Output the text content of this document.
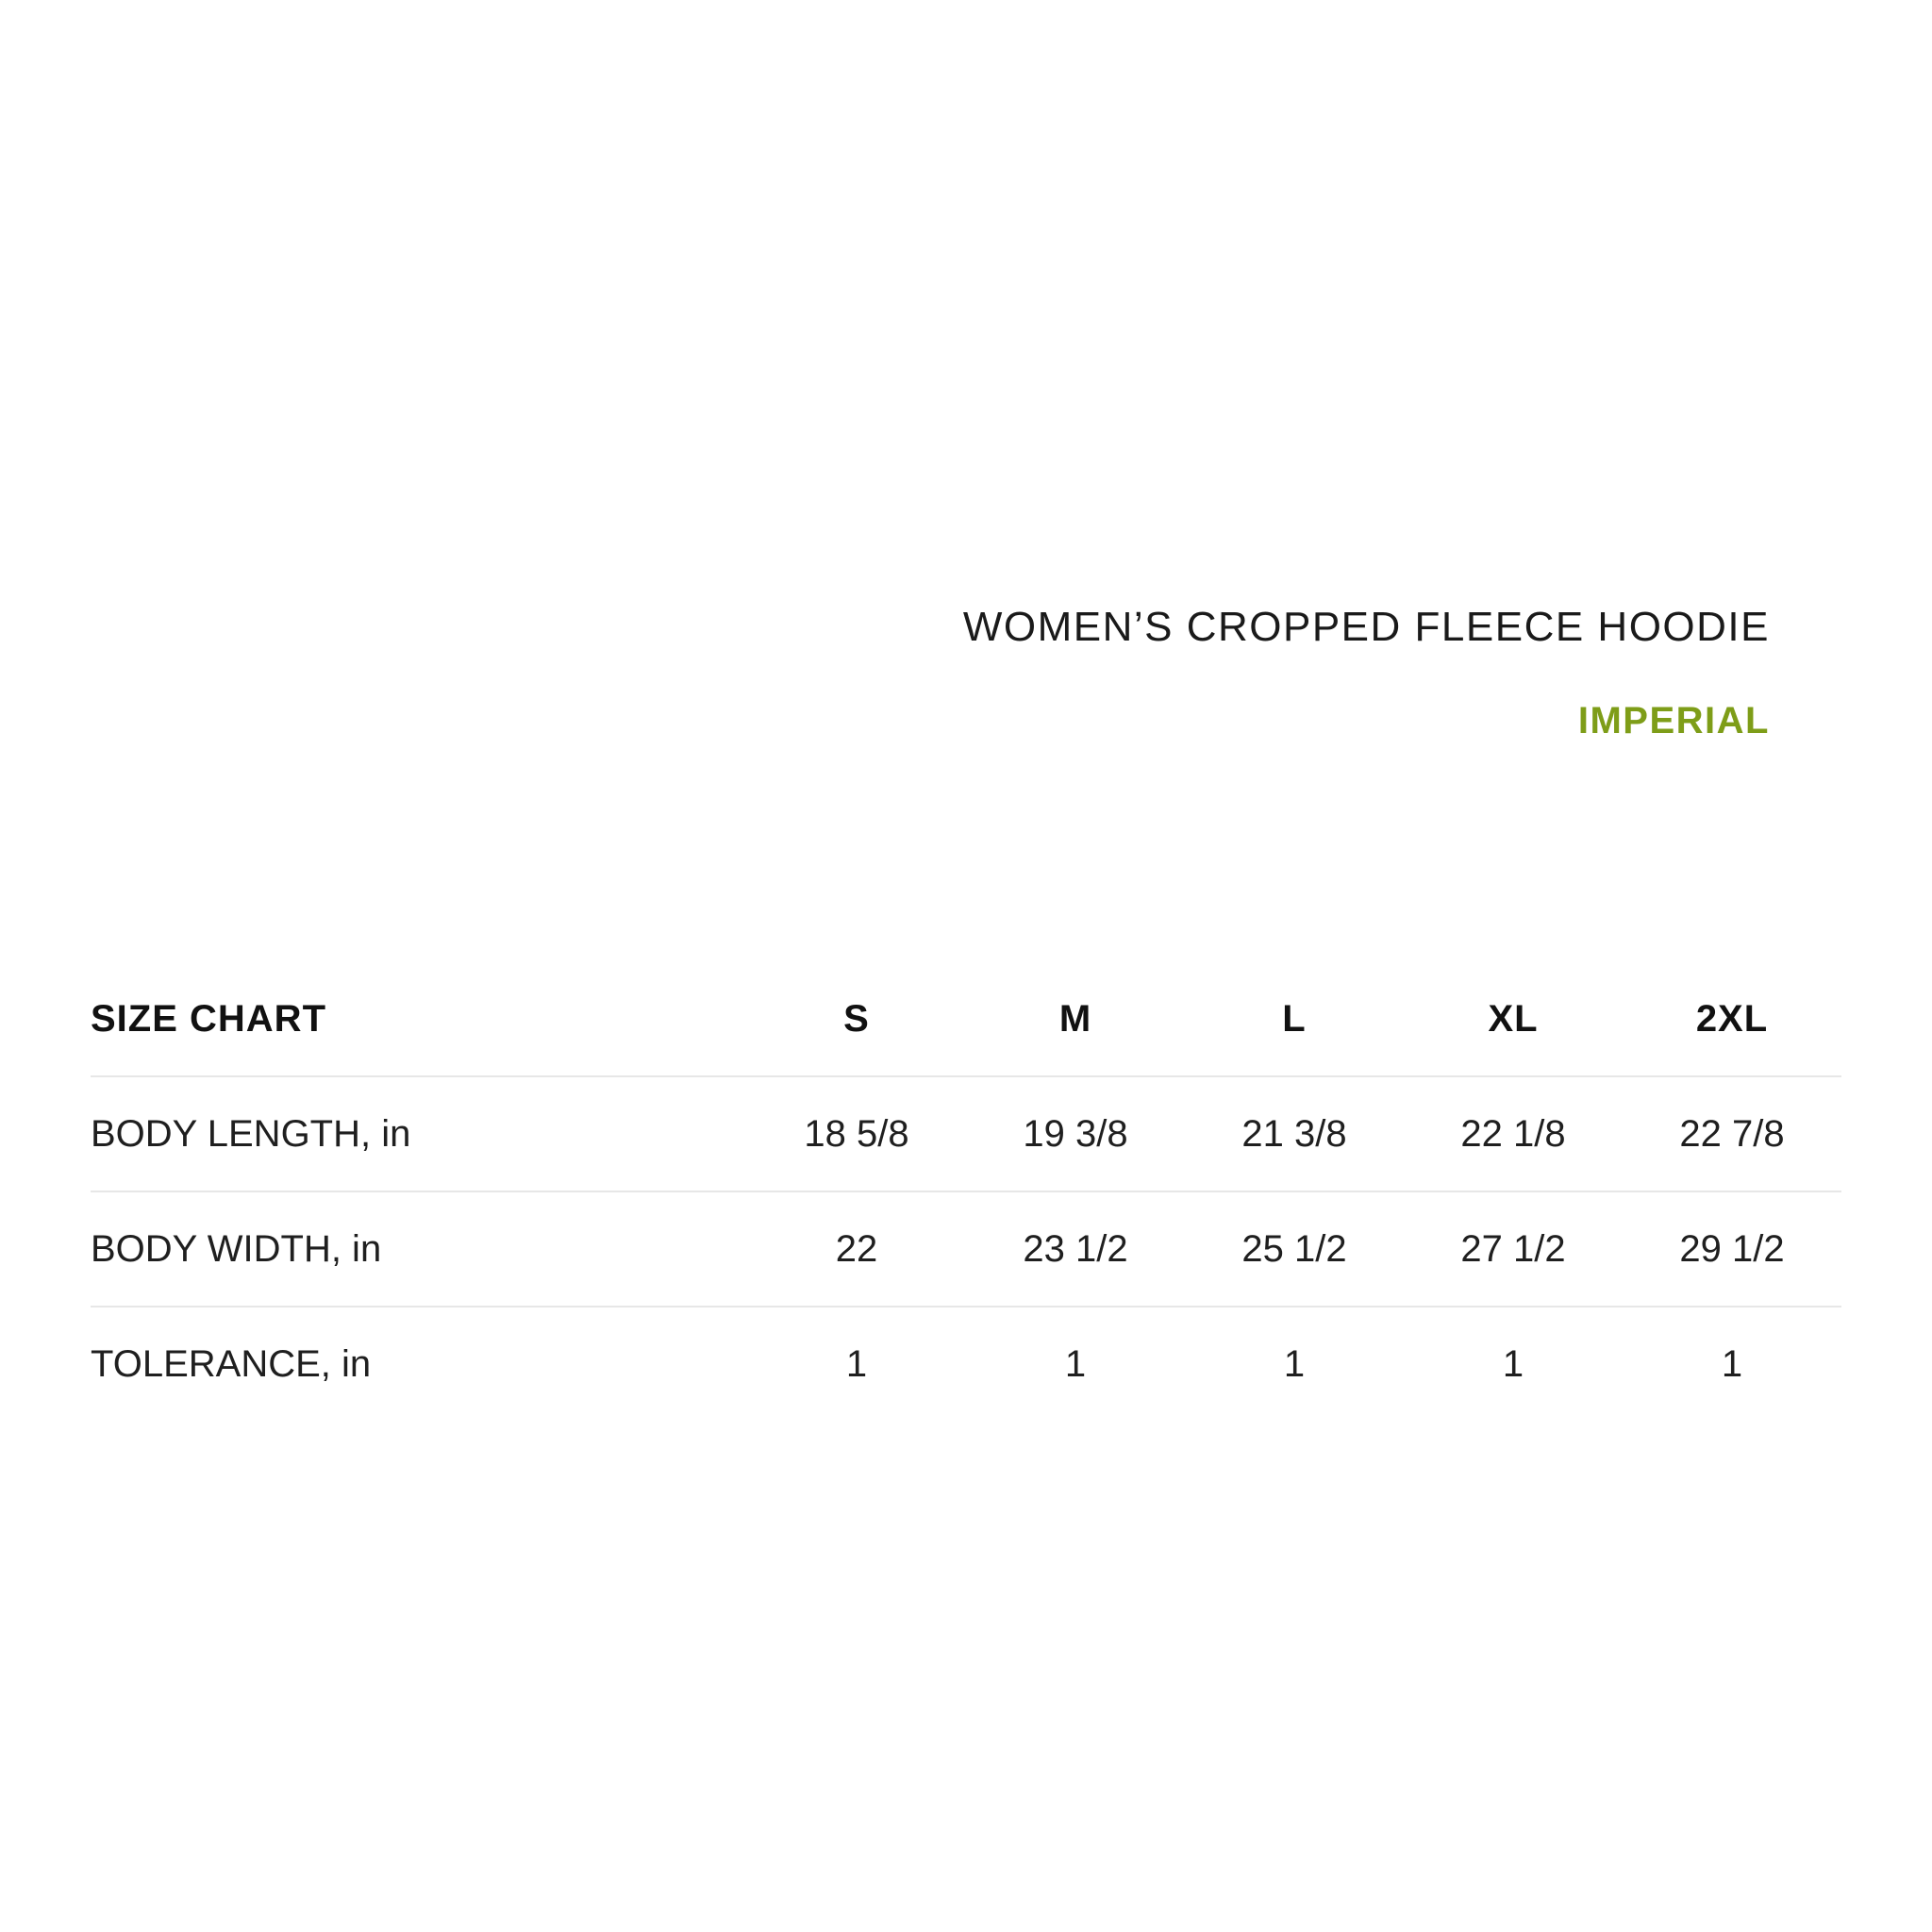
WOMEN’S CROPPED FLEECE HOODIE
IMPERIAL
SIZE CHART	S	M	L	XL	2XL
BODY LENGTH, in	18 5/8	19 3/8	21 3/8	22 1/8	22 7/8
BODY WIDTH, in	22	23 1/2	25 1/2	27 1/2	29 1/2
TOLERANCE, in	1	1	1	1	1
